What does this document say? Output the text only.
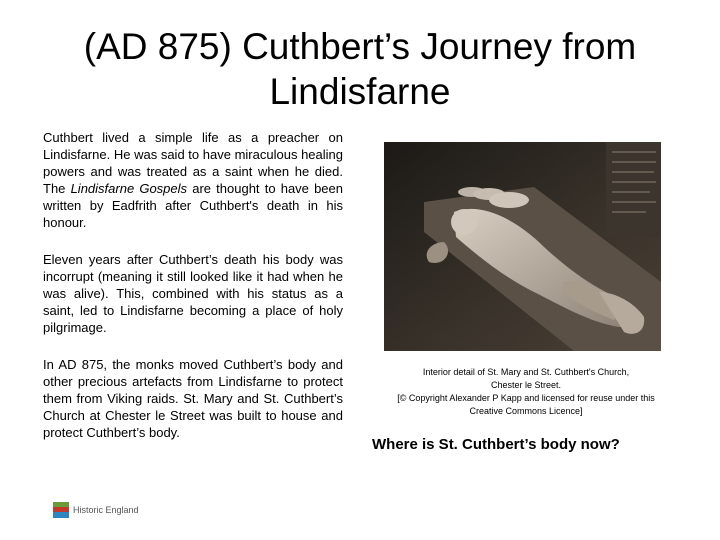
(AD 875) Cuthbert’s Journey from Lindisfarne

Cuthbert lived a simple life as a preacher on Lindisfarne. He was said to have miraculous healing powers and was treated as a saint when he died. The Lindisfarne Gospels are thought to have been written by Eadfrith after Cuthbert's death in his honour.

Eleven years after Cuthbert’s death his body was incorrupt (meaning it still looked like it had when he was alive). This, combined with his status as a saint, led to Lindisfarne becoming a place of holy pilgrimage.

In AD 875, the monks moved Cuthbert’s body and other precious artefacts from Lindisfarne to protect them from Viking raids. St. Mary and St. Cuthbert’s Church at Chester le Street was built to house and protect Cuthbert’s body.

Interior detail of St. Mary and St. Cuthbert's Church,
Chester le Street.
[© Copyright Alexander P Kapp and licensed for reuse under this
Creative Commons Licence]
Where is St. Cuthbert’s body now?
Historic England
